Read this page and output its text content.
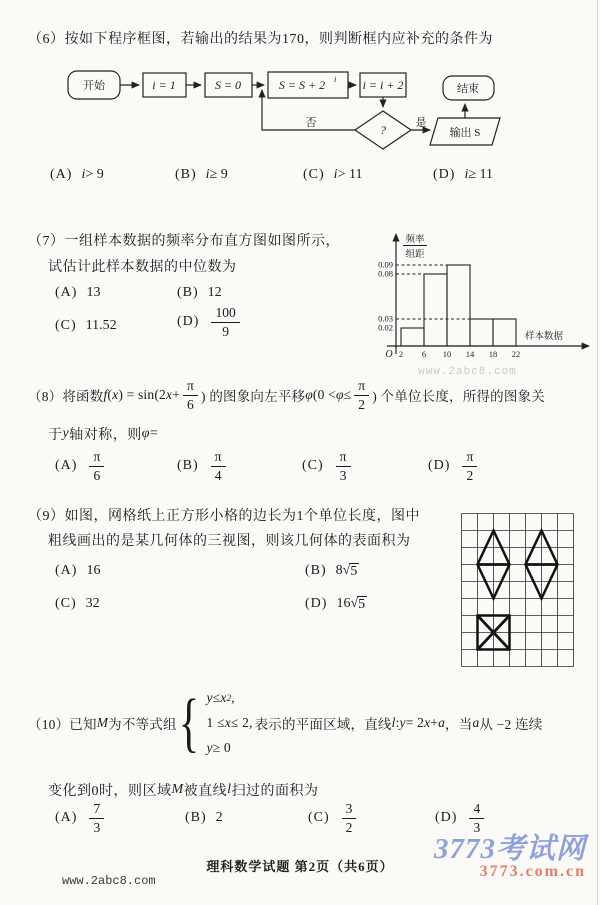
（6）按如下程序框图，若输出的结果为170，则判断框内应补充的条件为
开始	i = 1	S = 0	S = S + 2 i i = i + 2
?
否	是
输出 S
结束
(A) i > 9	(B) i ≥ 9	(C) i > 11	(D) i ≥ 11
（7）一组样本数据的频率分布直方图如图所示，
试估计此样本数据的中位数为
(A) 13	(B) 12
(C) 11.52	$(D) \frac{100}{9}$
频率
组距
样本数据
O 2 6 10 14 18 22
0.02
0.03
0.08
0.09
www.2abc8.com
（8）将函数 f ( x ) = sin(2 $x + \frac{\pi}{6}$ ) 的图象向左平移 φ ($0 < \varphi \le \frac{\pi}{2}$ ) 个单位长度，所得的图象关
于 y 轴对称，则 φ =
$(A) \frac{\pi}{6}$	$(B) \frac{\pi}{4}$	$(C) \frac{\pi}{3}$	$(D) \frac{\pi}{2}$
（9）如图，网格纸上正方形小格的边长为1个单位长度，图中
粗线画出的是某几何体的三视图，则该几何体的表面积为
(A) 16	(B) 8 √ 5
(C) 32	(D) 16 √ 5
（10）已知 M 为不等式组 { y ≤ x 2 ,
1 ≤ x ≤ 2,
y ≥ 0
表示的平面区域，直线 l : y = 2 x + a ，当 a 从 −2 连续
变化到0时，则区域 M 被直线 l 扫过的面积为
$(A) \frac{7}{3}$	(B) 2	$(C) \frac{3}{2}$	$(D) \frac{4}{3}$
理科数学试题 第2页（共6页）
www.2abc8.com
3773考试网
3773.com.cn
